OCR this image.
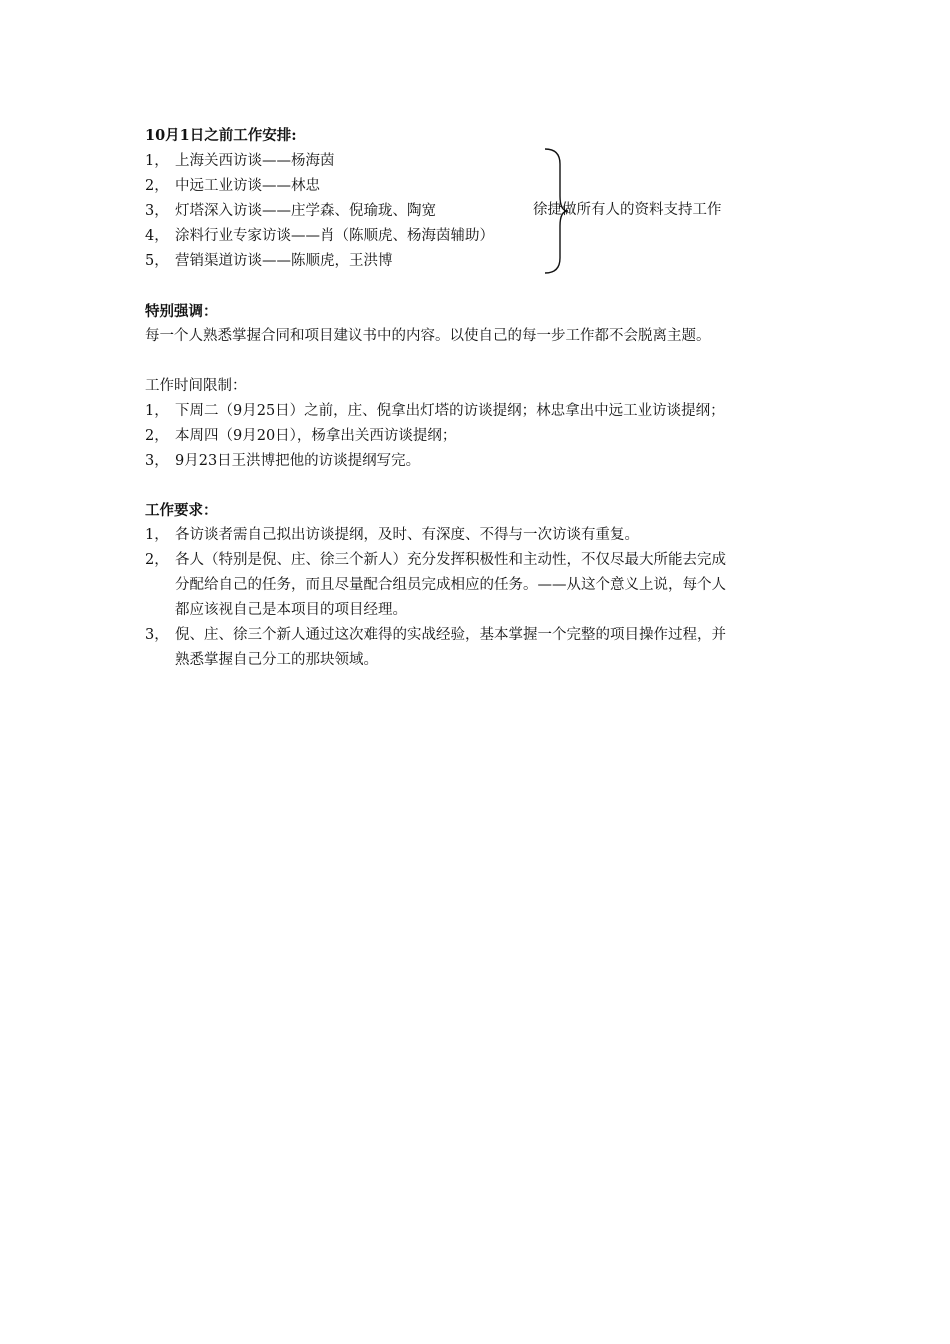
10月1日之前工作安排:
1， 上海关西访谈——杨海茵
2， 中远工业访谈——林忠
3， 灯塔深入访谈——庄学森、倪瑜珑、陶宽
4， 涂料行业专家访谈——肖（陈顺虎、杨海茵辅助）
5， 营销渠道访谈——陈顺虎，王洪博
徐捷做所有人的资料支持工作
特别强调：
每一个人熟悉掌握合同和项目建议书中的内容。以使自己的每一步工作都不会脱离主题。
工作时间限制：
1， 下周二（9月25日）之前，庄、倪拿出灯塔的访谈提纲；林忠拿出中远工业访谈提纲；
2， 本周四（9月20日），杨拿出关西访谈提纲；
3， 9月23日王洪博把他的访谈提纲写完。
工作要求：
1， 各访谈者需自己拟出访谈提纲，及时、有深度、不得与一次访谈有重复。
2， 各人（特别是倪、庄、徐三个新人）充分发挥积极性和主动性，不仅尽最大所能去完成
分配给自己的任务，而且尽量配合组员完成相应的任务。——从这个意义上说，每个人
都应该视自己是本项目的项目经理。
3， 倪、庄、徐三个新人通过这次难得的实战经验，基本掌握一个完整的项目操作过程，并
熟悉掌握自己分工的那块领域。
